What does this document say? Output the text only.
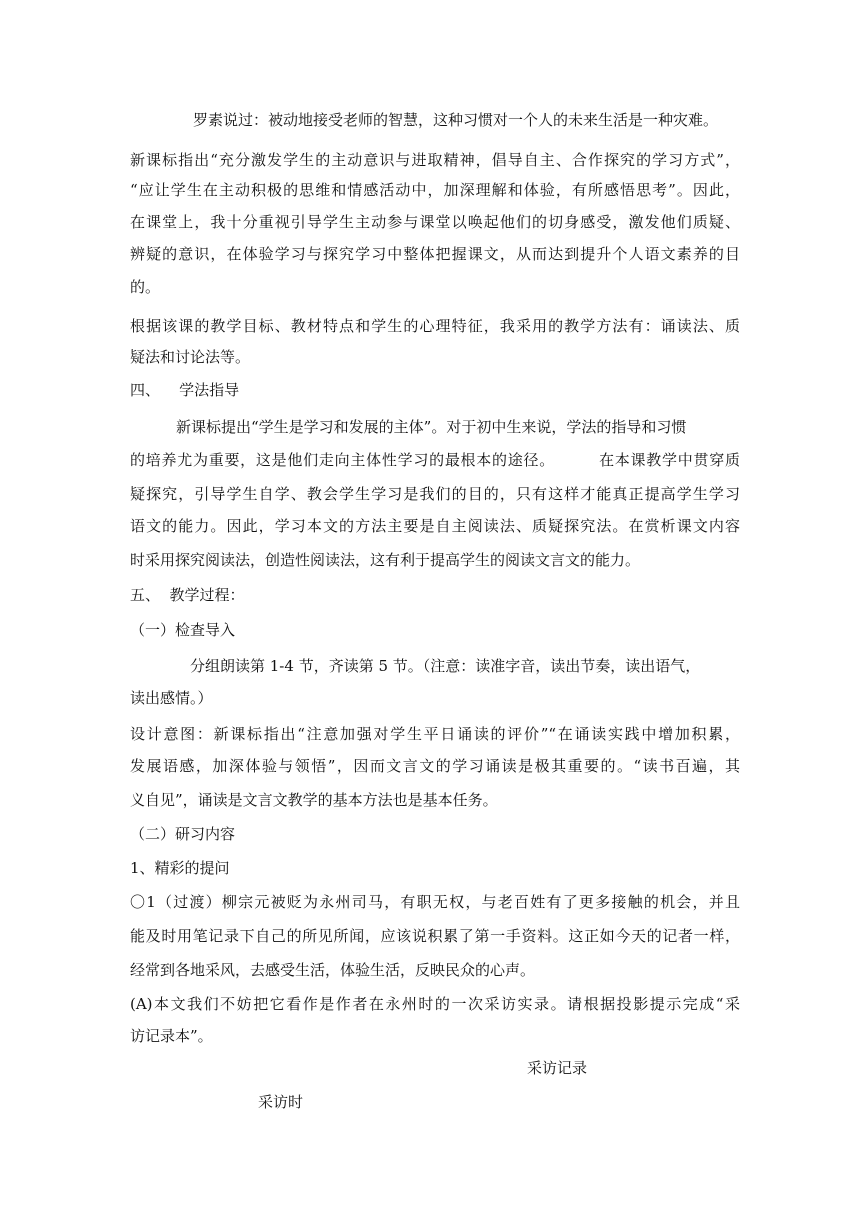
罗素说过：被动地接受老师的智慧，这种习惯对一个人的未来生活是一种灾难。
新课标指出“充分激发学生的主动意识与进取精神，倡导自主、合作探究的学习方式”，
“应让学生在主动积极的思维和情感活动中，加深理解和体验，有所感悟思考”。因此，
在课堂上，我十分重视引导学生主动参与课堂以唤起他们的切身感受，激发他们质疑、
辨疑的意识，在体验学习与探究学习中整体把握课文，从而达到提升个人语文素养的目
的。
根据该课的教学目标、教材特点和学生的心理特征，我采用的教学方法有：诵读法、质
疑法和讨论法等。
四、    学法指导
新课标提出“学生是学习和发展的主体”。对于初中生来说，学法的指导和习惯
的培养尤为重要，这是他们走向主体性学习的最根本的途径。        在本课教学中贯穿质
疑探究，引导学生自学、教会学生学习是我们的目的，只有这样才能真正提高学生学习
语文的能力。因此，学习本文的方法主要是自主阅读法、质疑探究法。在赏析课文内容
时采用探究阅读法，创造性阅读法，这有利于提高学生的阅读文言文的能力。
五、  教学过程：
（一）检查导入
分组朗读第 1-4 节，齐读第 5 节。（注意：读准字音，读出节奏，读出语气，
读出感情。）
设计意图：新课标指出“注意加强对学生平日诵读的评价”“在诵读实践中增加积累，
发展语感，加深体验与领悟”，因而文言文的学习诵读是极其重要的。“读书百遍，其
义自见”，诵读是文言文教学的基本方法也是基本任务。
（二）研习内容
1、精彩的提问
〇1（过渡）柳宗元被贬为永州司马，有职无权，与老百姓有了更多接触的机会，并且
能及时用笔记录下自己的所见所闻，应该说积累了第一手资料。这正如今天的记者一样，
经常到各地采风，去感受生活，体验生活，反映民众的心声。
(A)本文我们不妨把它看作是作者在永州时的一次采访实录。请根据投影提示完成“采
访记录本”。
采访记录
采访时
